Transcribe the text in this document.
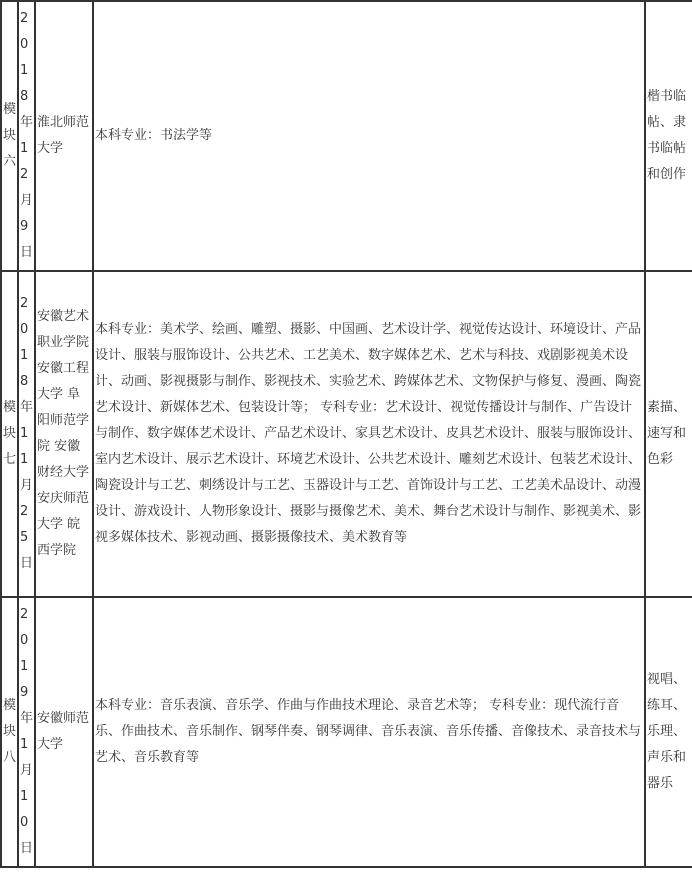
模块六	2018年12月9日	淮北师范大学	本科专业：书法学等	楷书临帖、隶书临帖和创作
模块七	2018年11月25日	安徽艺术职业学院 安徽工程大学 阜阳师范学院 安徽财经大学 安庆师范大学 皖西学院	本科专业：美术学、绘画、雕塑、摄影、中国画、艺术设计学、视觉传达设计、环境设计、产品设计、服装与服饰设计、公共艺术、工艺美术、数字媒体艺术、艺术与科技、戏剧影视美术设计、动画、影视摄影与制作、影视技术、实验艺术、跨媒体艺术、文物保护与修复、漫画、陶瓷艺术设计、新媒体艺术、包装设计等； 专科专业：艺术设计、视觉传播设计与制作、广告设计与制作、数字媒体艺术设计、产品艺术设计、家具艺术设计、皮具艺术设计、服装与服饰设计、室内艺术设计、展示艺术设计、环境艺术设计、公共艺术设计、雕刻艺术设计、包装艺术设计、陶瓷设计与工艺、刺绣设计与工艺、玉器设计与工艺、首饰设计与工艺、工艺美术品设计、动漫设计、游戏设计、人物形象设计、摄影与摄像艺术、美术、舞台艺术设计与制作、影视美术、影视多媒体技术、影视动画、摄影摄像技术、美术教育等	素描、速写和色彩
模块八	2019年1月10日	安徽师范大学	本科专业：音乐表演、音乐学、作曲与作曲技术理论、录音艺术等； 专科专业：现代流行音乐、作曲技术、音乐制作、钢琴伴奏、钢琴调律、音乐表演、音乐传播、音像技术、录音技术与艺术、音乐教育等	视唱、练耳、乐理、声乐和器乐
